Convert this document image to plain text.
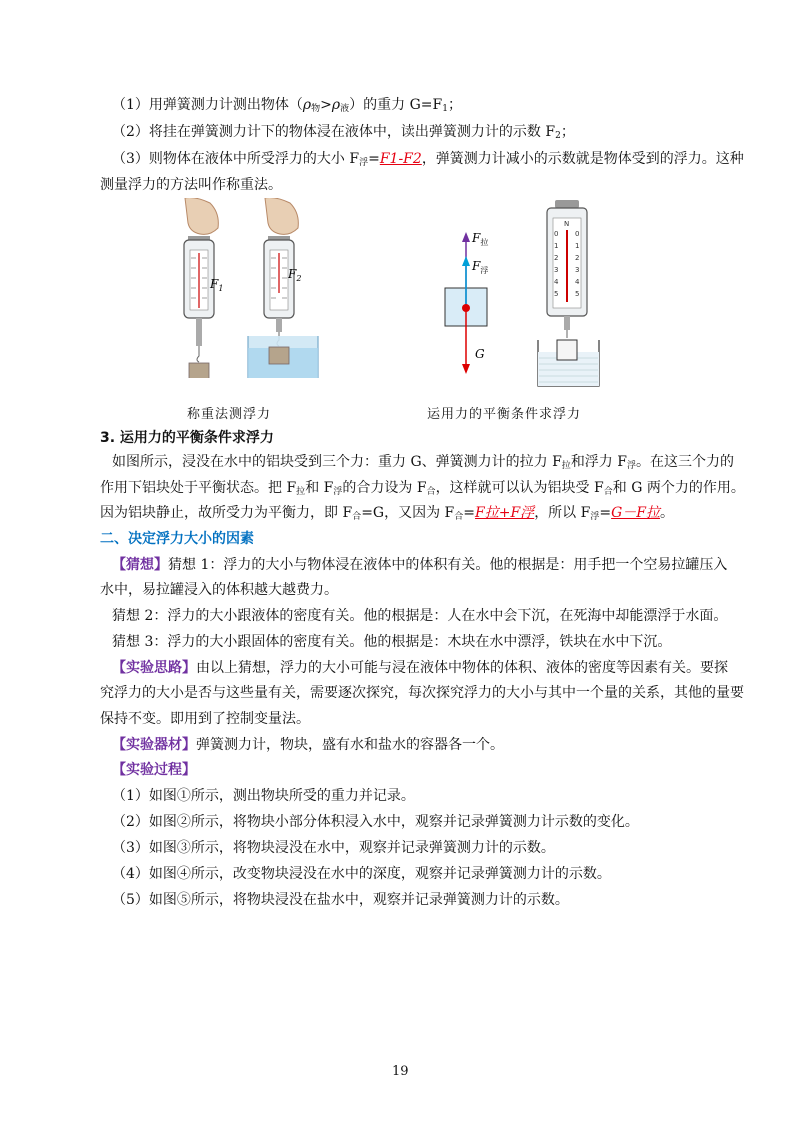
（1）用弹簧测力计测出物体$(\rho_物>\rho_液)$的重力 $G=F_1$；
（2）将挂在弹簧测力计下的物体浸在液体中，读出弹簧测力计的示数 $F_2$；
（3）则物体在液体中所受浮力的大小 $F_浮=F1-F2$，弹簧测力计减小的示数就是物体受到的浮力。这种
测量浮力的方法叫作称重法。
$F_1$
$F_2$
$F_拉$
$F_浮$
G
N
0 0
1 1
2 2
3 3
4 4
5 5
称重法测浮力	运用力的平衡条件求浮力
3. 运用力的平衡条件求浮力
如图所示，浸没在水中的铝块受到三个力：重力 G、弹簧测力计的拉力 $F_拉$和浮力 $F_浮$。在这三个力的
作用下铝块处于平衡状态。把 $F_拉$和 $F_浮$的合力设为 $F_合$，这样就可以认为铝块受 $F_合$和 G 两个力的作用。
因为铝块静止，故所受力为平衡力，即 $F_合=G$，又因为 $F_合=F$拉+F浮，所以 $F_浮=G-F$拉。
二、决定浮力大小的因素
【猜想】猜想 1：浮力的大小与物体浸在液体中的体积有关。他的根据是：用手把一个空易拉罐压入
水中，易拉罐浸入的体积越大越费力。
猜想 2：浮力的大小跟液体的密度有关。他的根据是：人在水中会下沉，在死海中却能漂浮于水面。
猜想 3：浮力的大小跟固体的密度有关。他的根据是：木块在水中漂浮，铁块在水中下沉。
【实验思路】由以上猜想，浮力的大小可能与浸在液体中物体的体积、液体的密度等因素有关。要探
究浮力的大小是否与这些量有关，需要逐次探究，每次探究浮力的大小与其中一个量的关系，其他的量要
保持不变。即用到了控制变量法。
【实验器材】弹簧测力计，物块，盛有水和盐水的容器各一个。
【实验过程】
（1）如图①所示，测出物块所受的重力并记录。
（2）如图②所示，将物块小部分体积浸入水中，观察并记录弹簧测力计示数的变化。
（3）如图③所示，将物块浸没在水中，观察并记录弹簧测力计的示数。
（4）如图④所示，改变物块浸没在水中的深度，观察并记录弹簧测力计的示数。
（5）如图⑤所示，将物块浸没在盐水中，观察并记录弹簧测力计的示数。
19
